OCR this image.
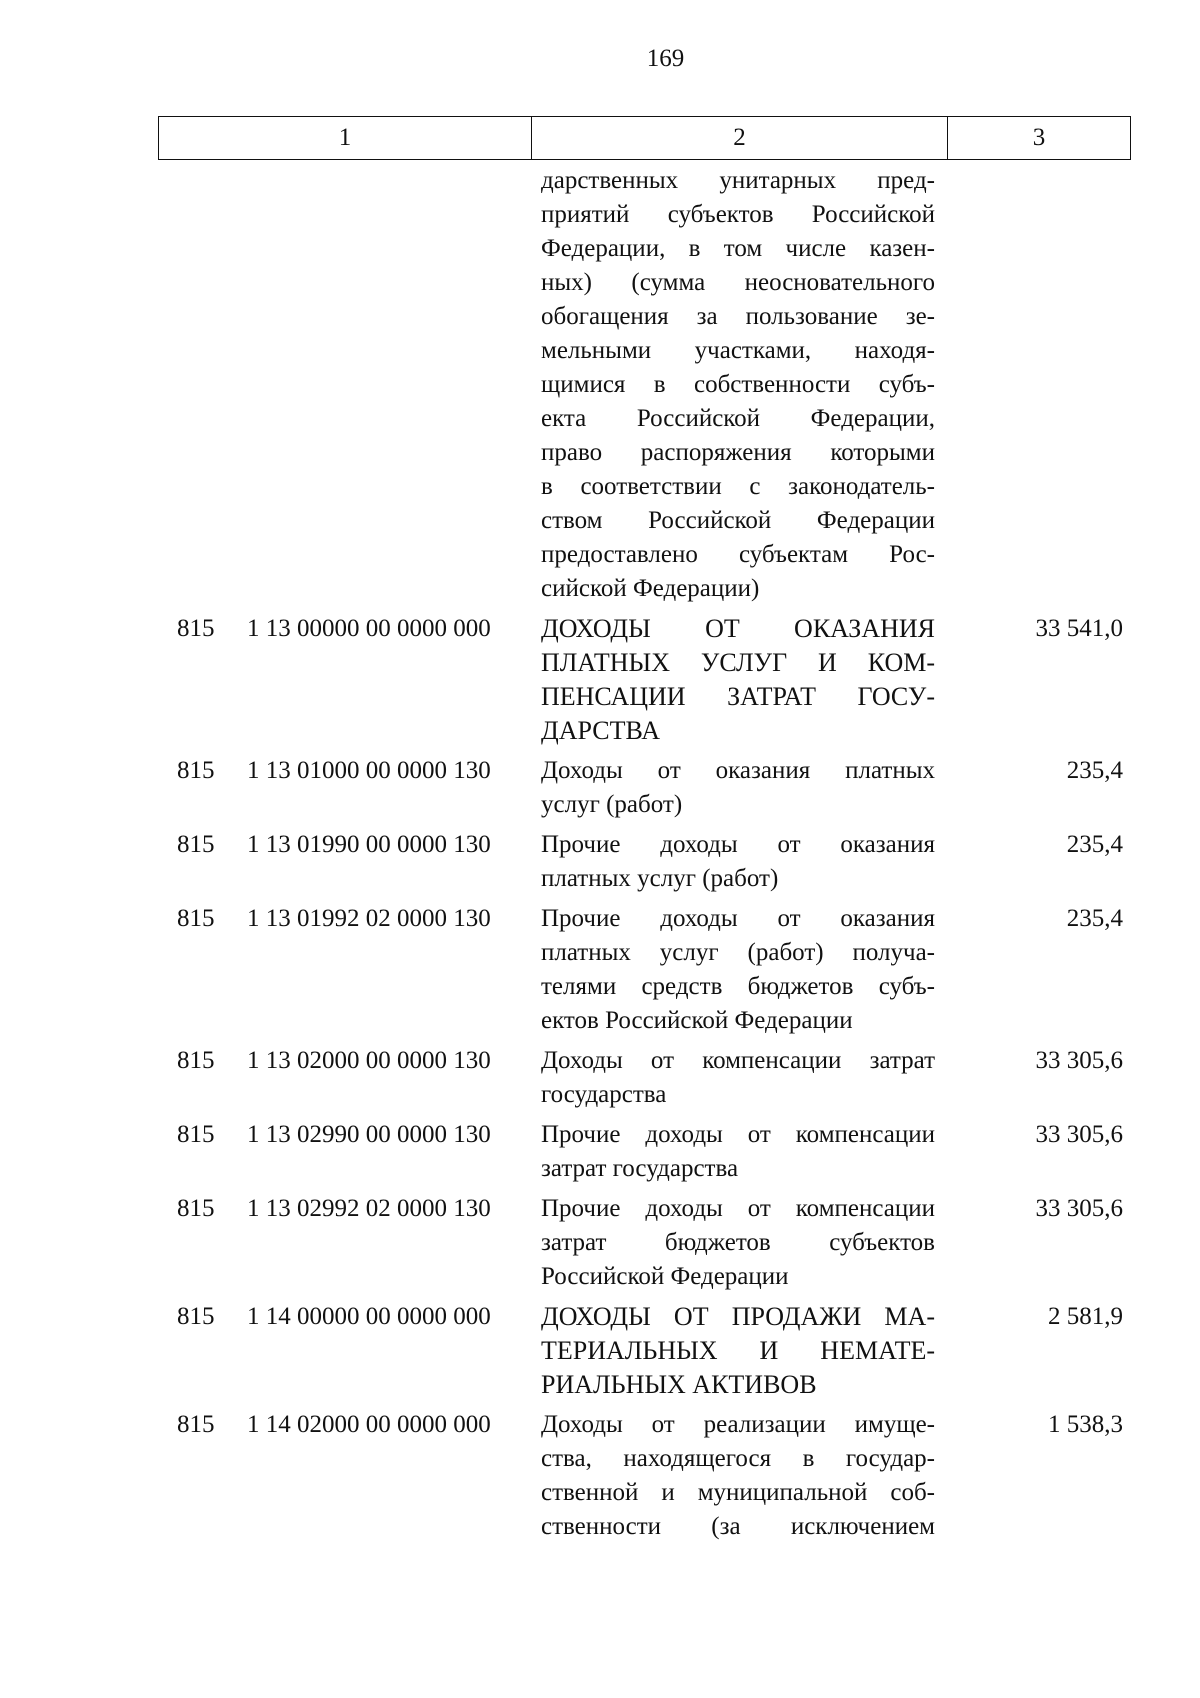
169
1	2	3
дарственных унитарных пред-
приятий субъектов Российской
Федерации, в том числе казен-
ных) (сумма неосновательного
обогащения за пользование зе-
мельными участками, находя-
щимися в собственности субъ-
екта Российской Федерации,
право распоряжения которыми
в соответствии с законодатель-
ством Российской Федерации
предоставлено субъектам Рос-
сийской Федерации)
815 1 13 00000 00 0000 000 ДОХОДЫ ОТ ОКАЗАНИЯ
ПЛАТНЫХ УСЛУГ И КОМ-
ПЕНСАЦИИ ЗАТРАТ ГОСУ-
ДАРСТВА
33 541,0
815 1 13 01000 00 0000 130 Доходы от оказания платных
услуг (работ)
235,4
815 1 13 01990 00 0000 130 Прочие доходы от оказания
платных услуг (работ)
235,4
815 1 13 01992 02 0000 130 Прочие доходы от оказания
платных услуг (работ) получа-
телями средств бюджетов субъ-
ектов Российской Федерации
235,4
815 1 13 02000 00 0000 130 Доходы от компенсации затрат
государства
33 305,6
815 1 13 02990 00 0000 130 Прочие доходы от компенсации
затрат государства
33 305,6
815 1 13 02992 02 0000 130 Прочие доходы от компенсации
затрат бюджетов субъектов
Российской Федерации
33 305,6
815 1 14 00000 00 0000 000 ДОХОДЫ ОТ ПРОДАЖИ МА-
ТЕРИАЛЬНЫХ И НЕМАТЕ-
РИАЛЬНЫХ АКТИВОВ
2 581,9
815 1 14 02000 00 0000 000 Доходы от реализации имуще-
ства, находящегося в государ-
ственной и муниципальной соб-
ственности (за исключением
1 538,3
